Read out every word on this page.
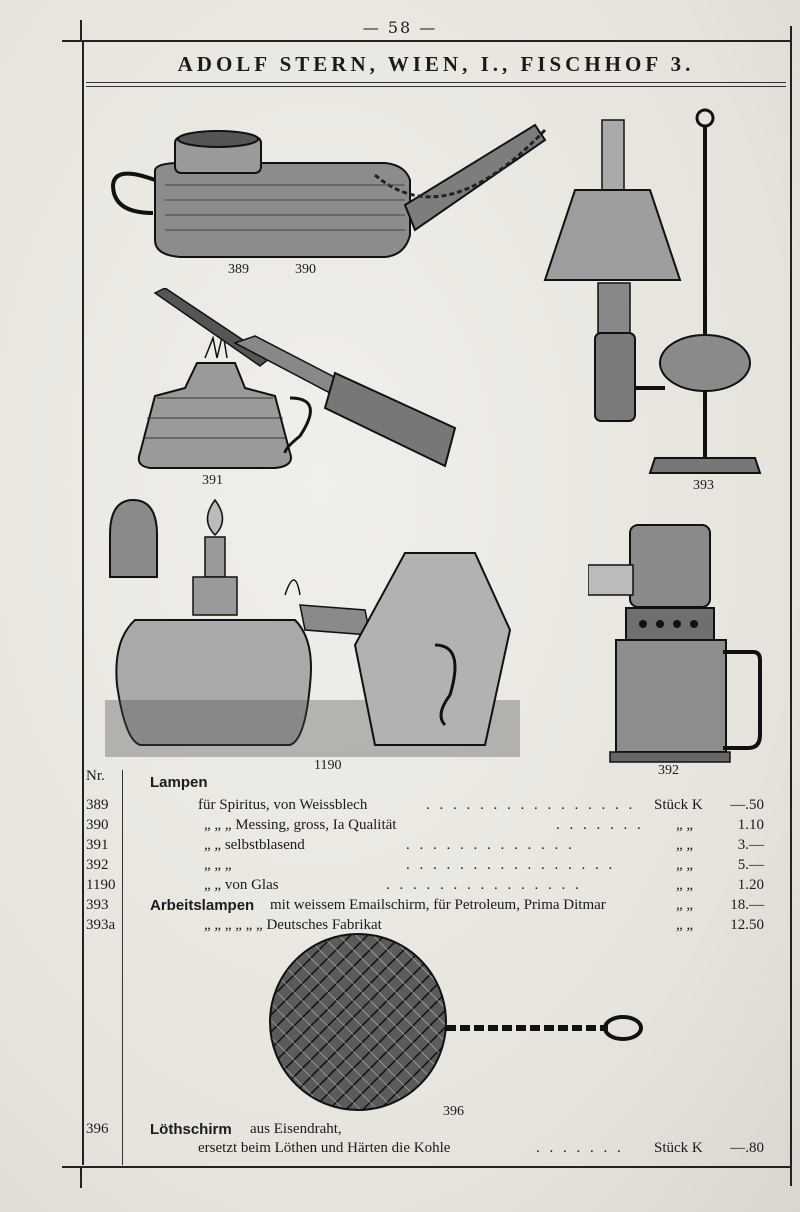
— 58 —
ADOLF STERN, WIEN, I., FISCHHOF 3.
389	390
391	393
1190	392
Nr.	Lampen
389	für Spiritus, von Weissblech	. . . . . . . . . . . . . . . . Stück K	—.50
390	„ „ „ Messing, gross, Ia Qualität	. . . . . . . „ „	1.10
391	„ „ selbstblasend	. . . . . . . . . . . . .	„ „	3.—
392	„ „ „	. . . . . . . . . . . . . . . .	„ „	5.—
1190	„ „ von Glas	. . . . . . . . . . . . . . .	„ „	1.20
393	Arbeitslampen mit weissem Emailschirm, für Petroleum, Prima Ditmar	„ „	18.—
393a	„ „ „ „ „ „ Deutsches Fabrikat	„ „	12.50
396
396	Löthschirm aus Eisendraht,
ersetzt beim Löthen und Härten die Kohle	. . . . . . . Stück K	—.80
